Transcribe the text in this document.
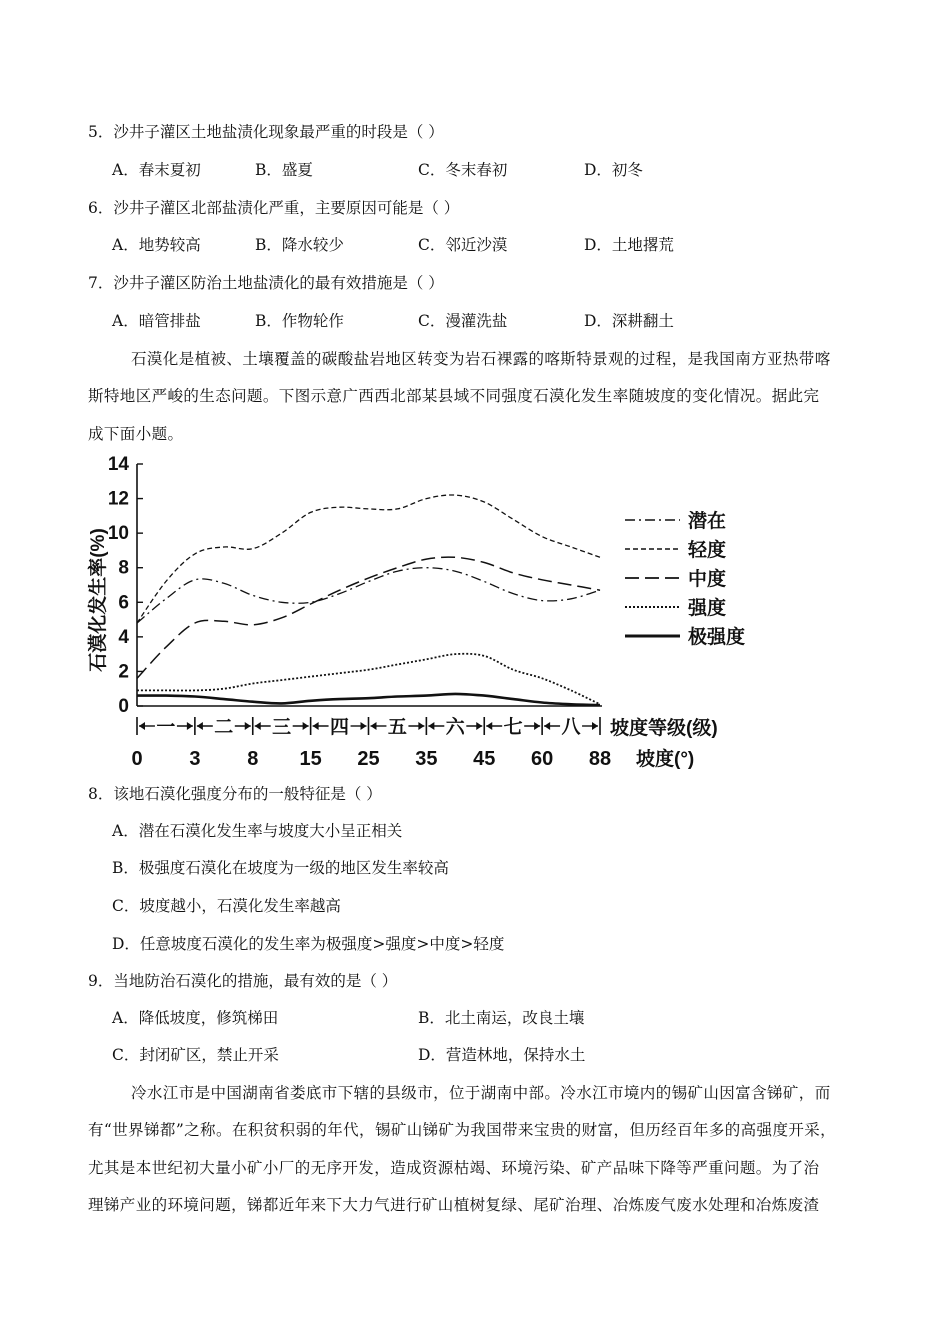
5．沙井子灌区土地盐渍化现象最严重的时段是（ ）
A．春末夏初	B．盛夏	C．冬末春初	D．初冬
6．沙井子灌区北部盐渍化严重，主要原因可能是（ ）
A．地势较高	B．降水较少	C．邻近沙漠	D．土地撂荒
7．沙井子灌区防治土地盐渍化的最有效措施是（ ）
A．暗管排盐	B．作物轮作	C．漫灌洗盐	D．深耕翻土
石漠化是植被、土壤覆盖的碳酸盐岩地区转变为岩石裸露的喀斯特景观的过程，是我国南方亚热带喀
斯特地区严峻的生态问题。下图示意广西西北部某县域不同强度石漠化发生率随坡度的变化情况。据此完
成下面小题。
14
12
10
8
6
4
2
0
石漠化发生率(%)
一 二 三 四 五 六 七 八 坡度等级(级)
0 3 8 15 25 35 45 60 88 坡度(°)
潜在
轻度
中度
强度
极强度
8．该地石漠化强度分布的一般特征是（ ）
A．潜在石漠化发生率与坡度大小呈正相关
B．极强度石漠化在坡度为一级的地区发生率较高
C．坡度越小，石漠化发生率越高
D．任意坡度石漠化的发生率为极强度>强度>中度>轻度
9．当地防治石漠化的措施，最有效的是（ ）
A．降低坡度，修筑梯田	B．北土南运，改良土壤
C．封闭矿区，禁止开采	D．营造林地，保持水土
冷水江市是中国湖南省娄底市下辖的县级市，位于湖南中部。冷水江市境内的锡矿山因富含锑矿，而
有“世界锑都”之称。在积贫积弱的年代，锡矿山锑矿为我国带来宝贵的财富，但历经百年多的高强度开采，
尤其是本世纪初大量小矿小厂的无序开发，造成资源枯竭、环境污染、矿产品味下降等严重问题。为了治
理锑产业的环境问题，锑都近年来下大力气进行矿山植树复绿、尾矿治理、冶炼废气废水处理和冶炼废渣
